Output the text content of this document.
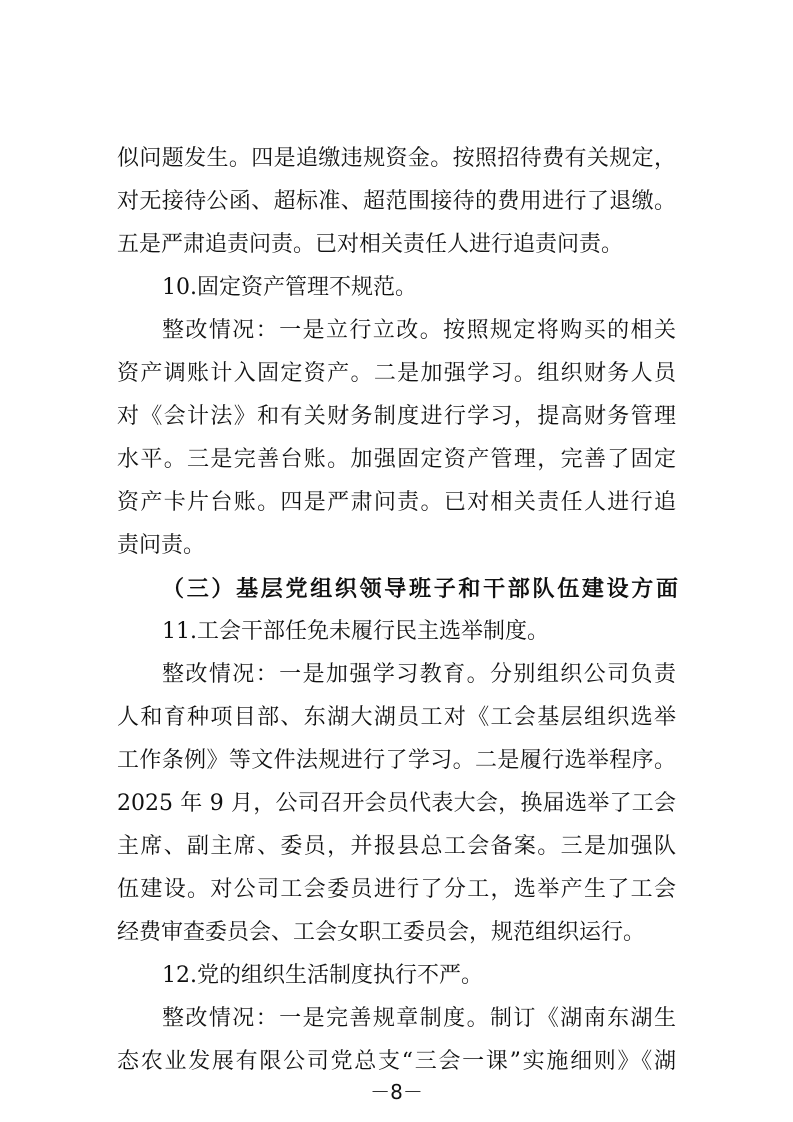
似问题发生。四是追缴违规资金。按照招待费有关规定，
对无接待公函、超标准、超范围接待的费用进行了退缴。
五是严肃追责问责。已对相关责任人进行追责问责。
10.固定资产管理不规范。
整改情况：一是立行立改。按照规定将购买的相关
资产调账计入固定资产。二是加强学习。组织财务人员
对《会计法》和有关财务制度进行学习，提高财务管理
水平。三是完善台账。加强固定资产管理，完善了固定
资产卡片台账。四是严肃问责。已对相关责任人进行追
责问责。
（三）基层党组织领导班子和干部队伍建设方面
11.工会干部任免未履行民主选举制度。
整改情况：一是加强学习教育。分别组织公司负责
人和育种项目部、东湖大湖员工对《工会基层组织选举
工作条例》等文件法规进行了学习。二是履行选举程序。
2025 年 9 月，公司召开会员代表大会，换届选举了工会
主席、副主席、委员，并报县总工会备案。三是加强队
伍建设。对公司工会委员进行了分工，选举产生了工会
经费审查委员会、工会女职工委员会，规范组织运行。
12.党的组织生活制度执行不严。
整改情况：一是完善规章制度。制订《湖南东湖生
态农业发展有限公司党总支“三会一课”实施细则》《湖
－8－
